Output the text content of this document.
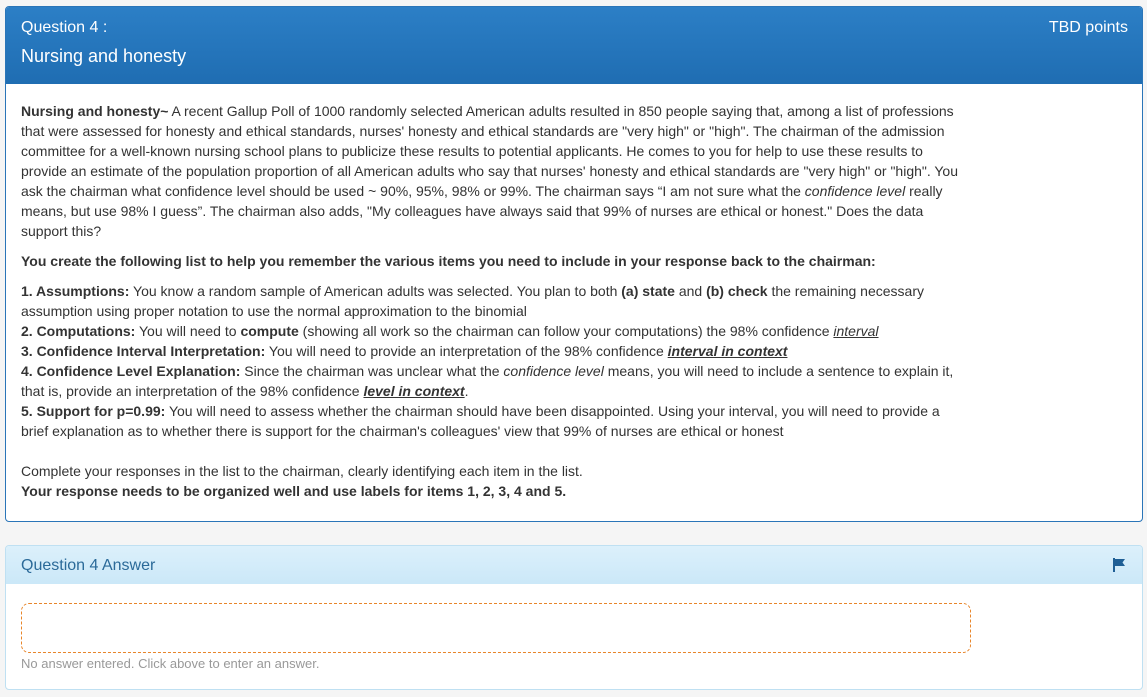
Question 4 :
Nursing and honesty
TBD points

Nursing and honesty~ A recent Gallup Poll of 1000 randomly selected American adults resulted in 850 people saying that, among a list of professions that were assessed for honesty and ethical standards, nurses' honesty and ethical standards are "very high" or "high". The chairman of the admission committee for a well-known nursing school plans to publicize these results to potential applicants. He comes to you for help to use these results to provide an estimate of the population proportion of all American adults who say that nurses' honesty and ethical standards are "very high" or "high". You ask the chairman what confidence level should be used ~ 90%, 95%, 98% or 99%. The chairman says “I am not sure what the confidence level really means, but use 98% I guess”. The chairman also adds, "My colleagues have always said that 99% of nurses are ethical or honest." Does the data support this?

You create the following list to help you remember the various items you need to include in your response back to the chairman:

1. Assumptions: You know a random sample of American adults was selected. You plan to both (a) state and (b) check the remaining necessary assumption using proper notation to use the normal approximation to the binomial

2. Computations: You will need to compute (showing all work so the chairman can follow your computations) the 98% confidence interval

3. Confidence Interval Interpretation: You will need to provide an interpretation of the 98% confidence interval in context

4. Confidence Level Explanation: Since the chairman was unclear what the confidence level means, you will need to include a sentence to explain it, that is, provide an interpretation of the 98% confidence level in context.

5. Support for p=0.99: You will need to assess whether the chairman should have been disappointed. Using your interval, you will need to provide a brief explanation as to whether there is support for the chairman's colleagues' view that 99% of nurses are ethical or honest

Complete your responses in the list to the chairman, clearly identifying each item in the list.

Your response needs to be organized well and use labels for items 1, 2, 3, 4 and 5.

Question 4 Answer
No answer entered. Click above to enter an answer.
